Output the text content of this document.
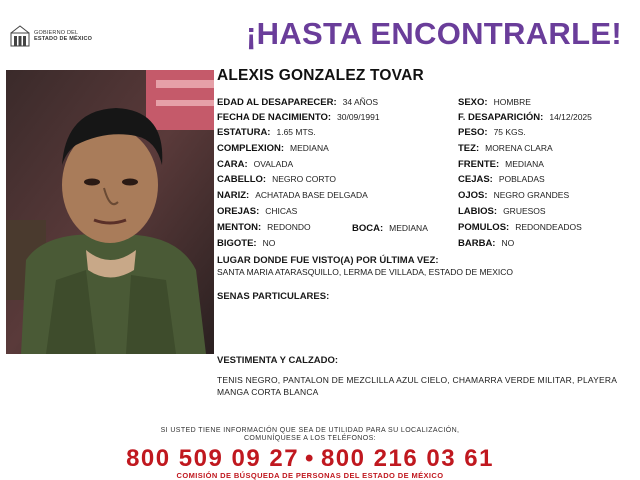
GOBIERNO DEL
ESTADO DE MÉXICO	¡HASTA ENCONTRARLE!
ALEXIS GONZALEZ TOVAR
EDAD AL DESAPARECER: 34 AÑOS
FECHA DE NACIMIENTO: 30/09/1991
ESTATURA: 1.65 MTS.
COMPLEXION: MEDIANA
CARA: OVALADA
CABELLO: NEGRO CORTO
NARIZ: ACHATADA BASE DELGADA
OREJAS: CHICAS
MENTON: REDONDO	BOCA: MEDIANA
BIGOTE: NO
SEXO: HOMBRE
F. DESAPARICIÓN: 14/12/2025
PESO: 75 KGS.
TEZ: MORENA CLARA
FRENTE: MEDIANA
CEJAS: POBLADAS
OJOS: NEGRO GRANDES
LABIOS: GRUESOS
POMULOS: REDONDEADOS
BARBA: NO
LUGAR DONDE FUE VISTO(A) POR ÚLTIMA VEZ:
SANTA MARIA ATARASQUILLO, LERMA DE VILLADA, ESTADO DE MEXICO
SENAS PARTICULARES:
VESTIMENTA Y CALZADO:
TENIS NEGRO, PANTALON DE MEZCLILLA AZUL CIELO, CHAMARRA VERDE MILITAR, PLAYERA MANGA CORTA BLANCA
SI USTED TIENE INFORMACIÓN QUE SEA DE UTILIDAD PARA SU LOCALIZACIÓN,
COMUNÍQUESE A LOS TELÉFONOS:
800 509 09 27 • 800 216 03 61
COMISIÓN DE BÚSQUEDA DE PERSONAS DEL ESTADO DE MÉXICO
